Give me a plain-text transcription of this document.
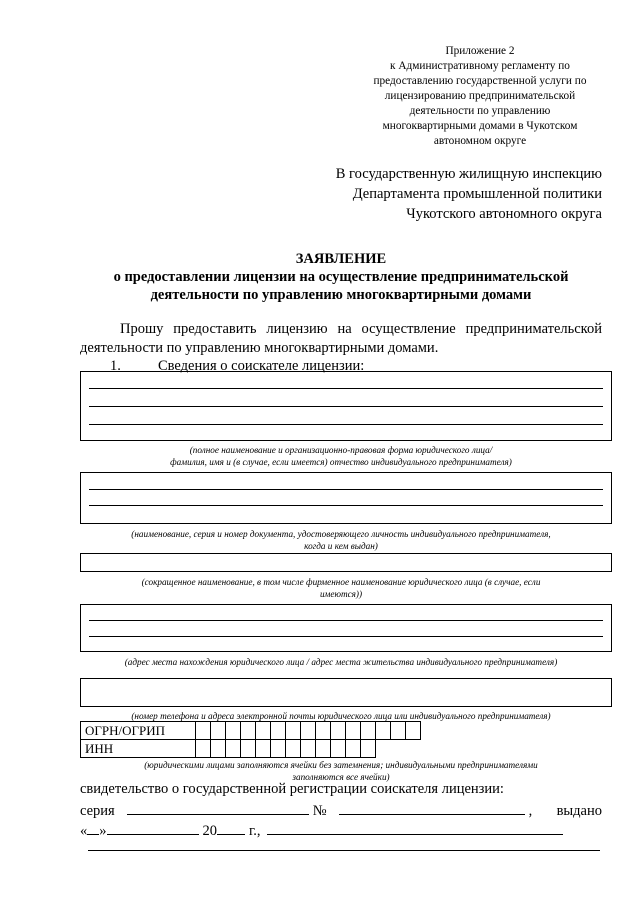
Приложение 2
к Административному регламенту по
предоставлению государственной услуги по
лицензированию предпринимательской
деятельности по управлению
многоквартирными домами в Чукотском
автономном округе
В государственную жилищную инспекцию
Департамента промышленной политики
Чукотского автономного округа
ЗАЯВЛЕНИЕ
о предоставлении лицензии на осуществление предпринимательской
деятельности по управлению многоквартирными домами
Прошу предоставить лицензию на осуществление предпринимательской деятельности по управлению многоквартирными домами.
1.	Сведения о соискателе лицензии:
(полное наименование и организационно-правовая форма юридического лица/
фамилия, имя и (в случае, если имеется) отчество индивидуального предпринимателя)
(наименование, серия и номер документа, удостоверяющего личность индивидуального предпринимателя,
когда и кем выдан)
(сокращенное наименование, в том числе фирменное наименование юридического лица (в случае, если
имеются))
(адрес места нахождения юридического лица / адрес места жительства индивидуального предпринимателя)
(номер телефона и адреса электронной почты юридического лица или индивидуального предпринимателя)
ОГРН/ОГРИП															
ИНН															
(юридическими лицами заполняются ячейки без затемнения; индивидуальными предпринимателями
заполняются все ячейки)
свидетельство о государственной регистрации соискателя лицензии:
серия	№	, выдано
« »	20 г.,
